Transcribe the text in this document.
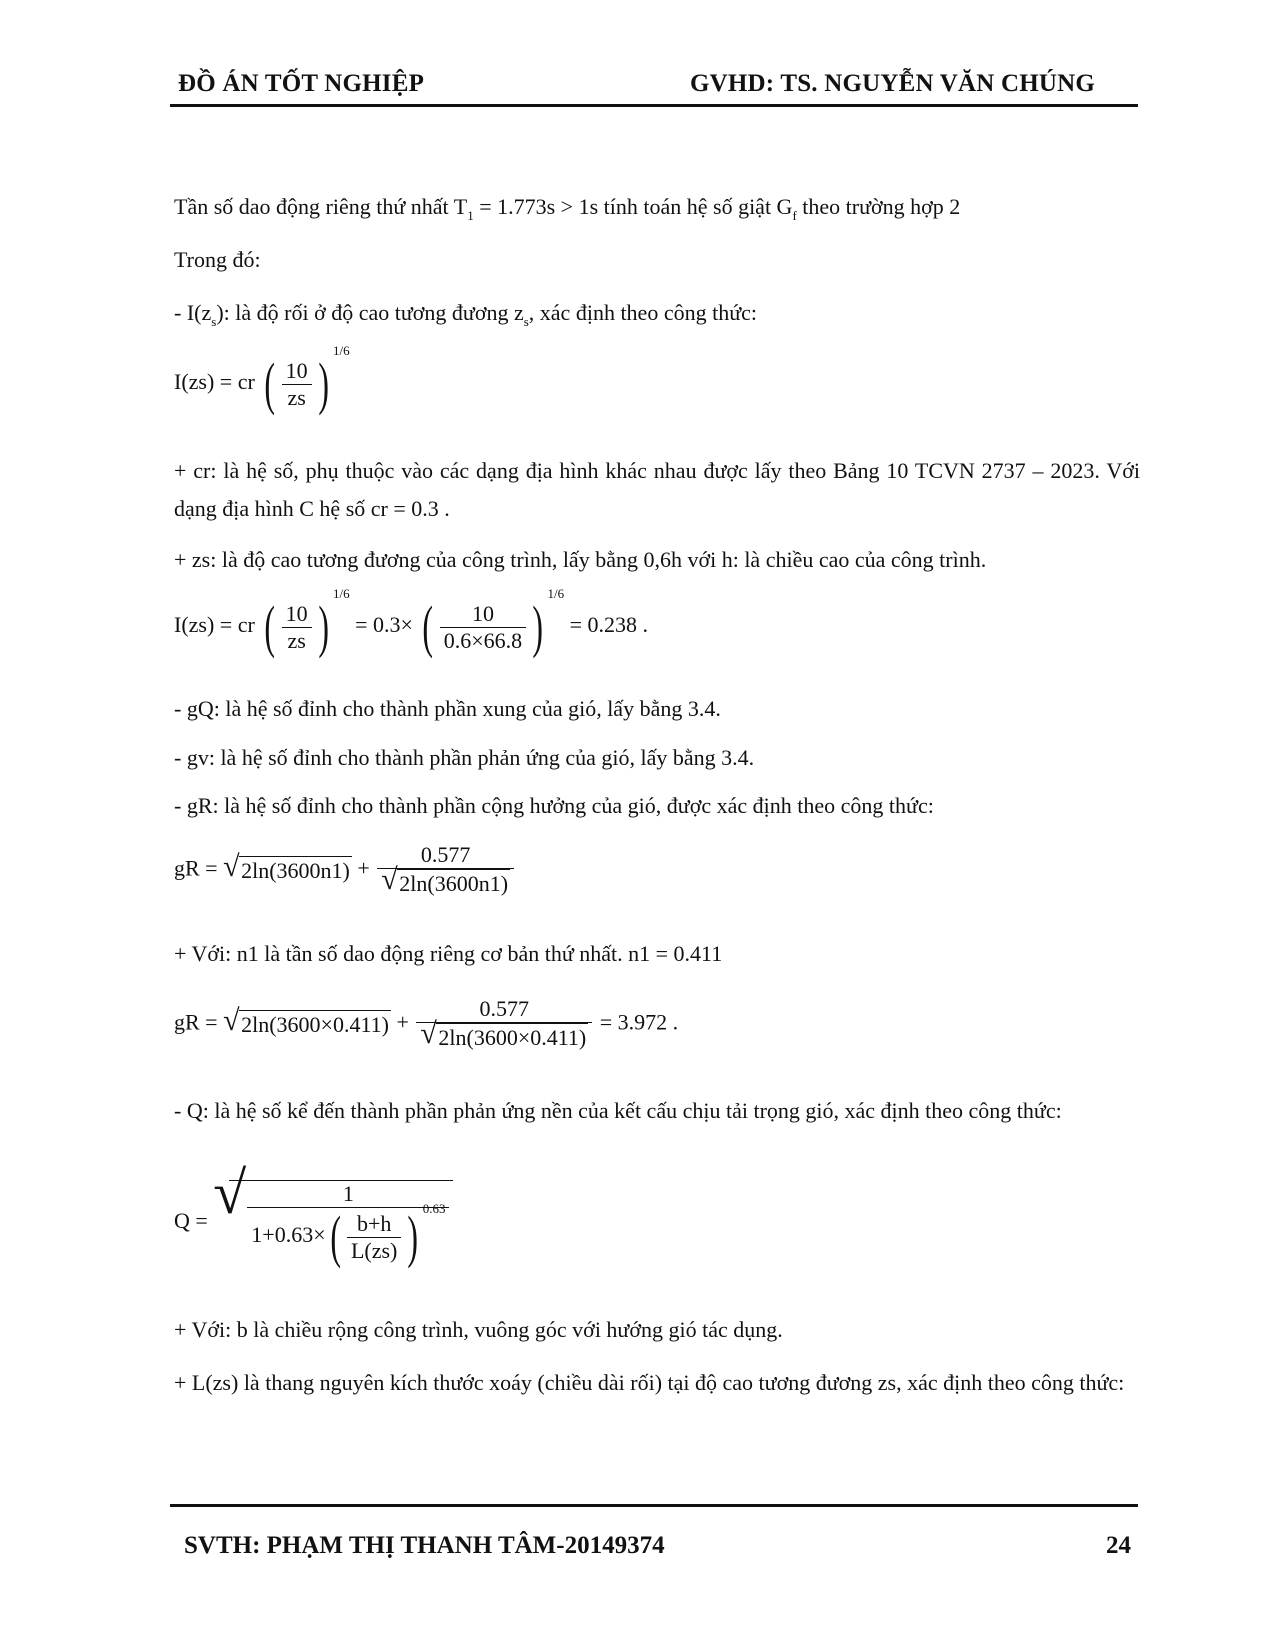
ĐỒ ÁN TỐT NGHIỆP	GVHD: TS. NGUYỄN VĂN CHÚNG
Tần số dao động riêng thứ nhất $T_1 = 1.773s > 1s$ tính toán hệ số giật $G_f$ theo trường hợp 2
Trong đó:
- $I(z_s)$: là độ rối ở độ cao tương đương $z_s$, xác định theo công thức:
I(zs) = cr ( $\frac{10}{zs} )^{1/6}$
+ cr: là hệ số, phụ thuộc vào các dạng địa hình khác nhau được lấy theo Bảng 10 TCVN 2737 – 2023. Với dạng địa hình C hệ số cr = 0.3 .
+ zs: là độ cao tương đương của công trình, lấy bằng 0,6h với h: là chiều cao của công trình.
I(zs) = cr ( $\frac{10}{zs} )^{1/6} = 0.3\times$ ( $\frac{10}{0.6\times 66.8} )^{1/6} = 0.238$ .
- gQ: là hệ số đỉnh cho thành phần xung của gió, lấy bằng 3.4.
- gv: là hệ số đỉnh cho thành phần phản ứng của gió, lấy bằng 3.4.
- gR: là hệ số đỉnh cho thành phần cộng hưởng của gió, được xác định theo công thức:
gR = √ $2\ln(3600n1) + \frac{0.577}{√ 2\ln(3600n1)}$
+ Với: n1 là tần số dao động riêng cơ bản thứ nhất. n1 = 0.411
gR = √ $2\ln(3600\times 0.411) + \frac{0.577}{√ 2\ln(3600\times 0.411)} = 3.972$ .
- Q: là hệ số kể đến thành phần phản ứng nền của kết cấu chịu tải trọng gió, xác định theo công thức:
Q = √ $\frac{1}{1+0.63\times( \frac{b+h}{L(zs)} ) ^{0.63}}$
+ Với: b là chiều rộng công trình, vuông góc với hướng gió tác dụng.
+ L(zs) là thang nguyên kích thước xoáy (chiều dài rối) tại độ cao tương đương zs, xác định theo công thức:
SVTH: PHẠM THỊ THANH TÂM-20149374	24
